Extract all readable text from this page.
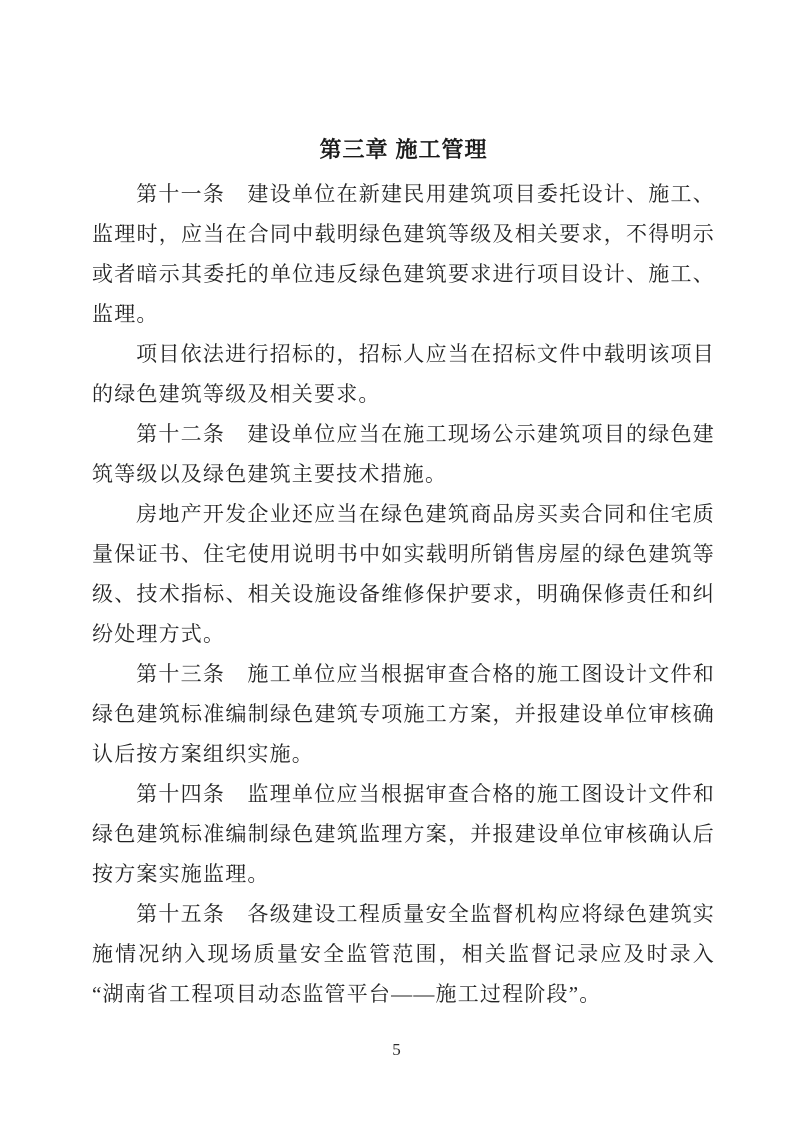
第三章 施工管理

第十一条　建设单位在新建民用建筑项目委托设计、施工、监理时，应当在合同中载明绿色建筑等级及相关要求，不得明示或者暗示其委托的单位违反绿色建筑要求进行项目设计、施工、监理。

项目依法进行招标的，招标人应当在招标文件中载明该项目的绿色建筑等级及相关要求。

第十二条　建设单位应当在施工现场公示建筑项目的绿色建筑等级以及绿色建筑主要技术措施。

房地产开发企业还应当在绿色建筑商品房买卖合同和住宅质量保证书、住宅使用说明书中如实载明所销售房屋的绿色建筑等级、技术指标、相关设施设备维修保护要求，明确保修责任和纠纷处理方式。

第十三条　施工单位应当根据审查合格的施工图设计文件和绿色建筑标准编制绿色建筑专项施工方案，并报建设单位审核确认后按方案组织实施。

第十四条　监理单位应当根据审查合格的施工图设计文件和绿色建筑标准编制绿色建筑监理方案，并报建设单位审核确认后按方案实施监理。

第十五条　各级建设工程质量安全监督机构应将绿色建筑实施情况纳入现场质量安全监管范围，相关监督记录应及时录入“湖南省工程项目动态监管平台——施工过程阶段”。

5
